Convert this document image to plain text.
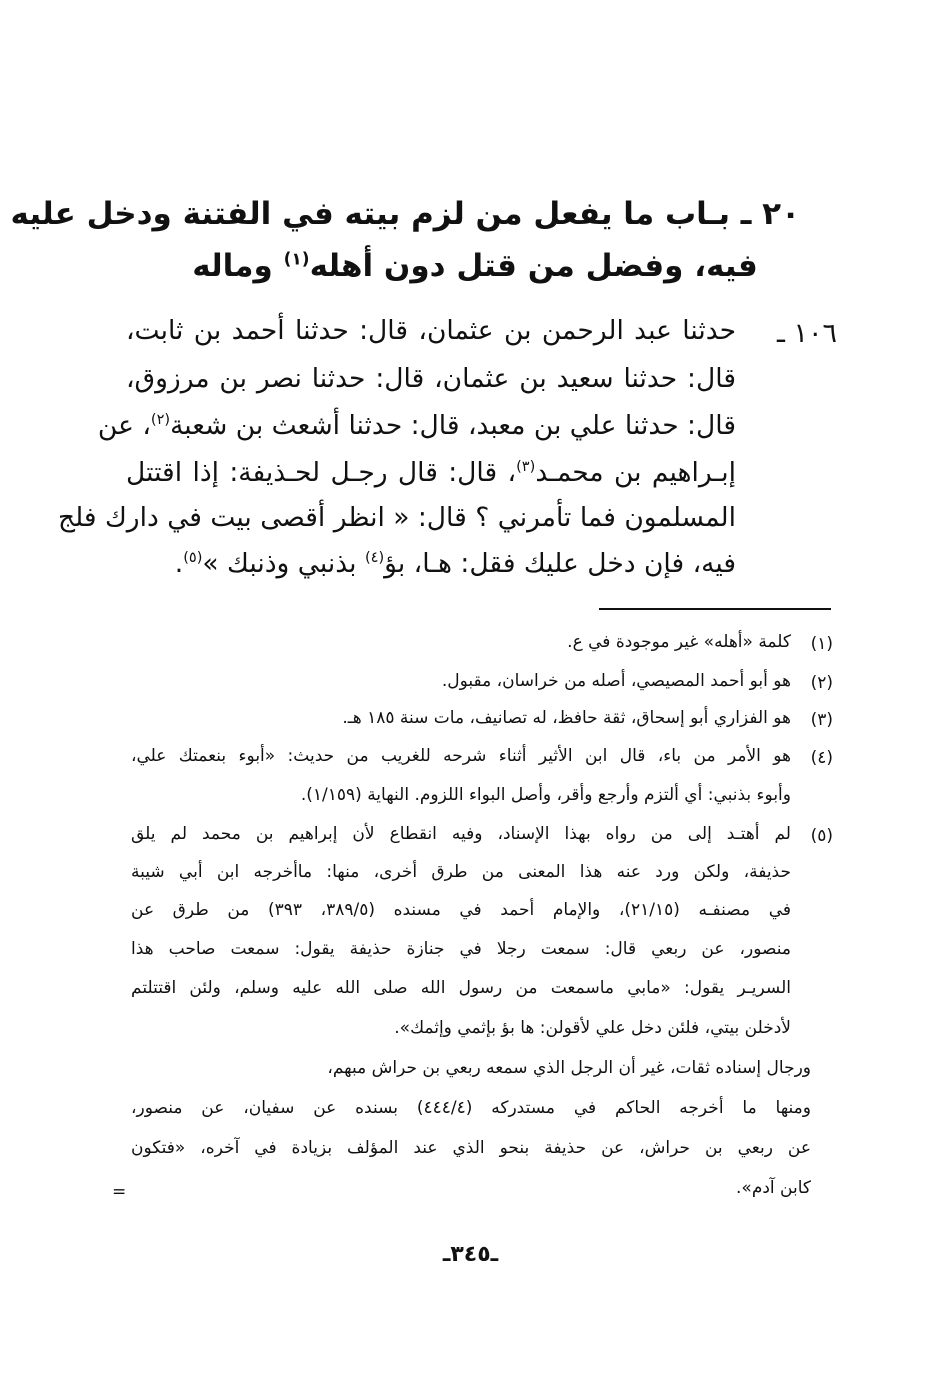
٢٠ ـ بـاب ما يفعل من لزم بيته في الفتنة ودخل عليه
فيه، وفضل من قتل دون أهله$^{(١)}$ وماله
١٠٦ ـ
حدثنا عبد الرحمن بن عثمان، قال: حدثنا أحمد بن ثابت،
قال: حدثنا سعيد بن عثمان، قال: حدثنا نصر بن مرزوق،
قال: حدثنا علي بن معبد، قال: حدثنا أشعث بن شعبة$^{(٢)}$، عن
إبـراهيم بن محمـد$^{(٣)}$، قال: قال رجـل لحـذيفة: إذا اقتتل
المسلمون فما تأمرني ؟ قال: « انظر أقصى بيت في دارك فلج
فيه، فإن دخل عليك فقل: هـا، بؤ$^{(٤)}$ بذنبي وذنبك »$^{(٥)}$.
(١)
كلمة «أهله» غير موجودة في ع.
(٢)
هو أبو أحمد المصيصي، أصله من خراسان، مقبول.
(٣)
هو الفزاري أبو إسحاق، ثقة حافظ، له تصانيف، مات سنة ١٨٥ هـ.
(٤)
هو الأمر من باء، قال ابن الأثير أثناء شرحه للغريب من حديث: «أبوء بنعمتك علي،
وأبوء بذنبي: أي ألتزم وأرجع وأقر، وأصل البواء اللزوم. النهاية (١/١٥٩).
(٥)
لم أهتـد إلى من رواه بهذا الإسناد، وفيه انقطاع لأن إبراهيم بن محمد لم يلق
حذيفة، ولكن ورد عنه هذا المعنى من طرق أخرى، منها: ماأخرجه ابن أبي شيبة
في مصنفـه (٢١/١٥)، والإمام أحمد في مسنده (٣٨٩/٥، ٣٩٣) من طرق عن
منصور، عن ربعي قال: سمعت رجلا في جنازة حذيفة يقول: سمعت صاحب هذا
السريـر يقول: «مابي ماسمعت من رسول الله صلى الله عليه وسلم، ولئن اقتتلتم
لأدخلن بيتي، فلئن دخل علي لأقولن: ها بؤ بإثمي وإثمك».
ورجال إسناده ثقات، غير أن الرجل الذي سمعه ربعي بن حراش مبهم،
ومنها ما أخرجه الحاكم في مستدركه (٤٤٤/٤) بسنده عن سفيان، عن منصور،
عن ربعي بن حراش، عن حذيفة بنحو الذي عند المؤلف بزيادة في آخره، «فتكون
كابن آدم».
=
ـ٣٤٥ـ
